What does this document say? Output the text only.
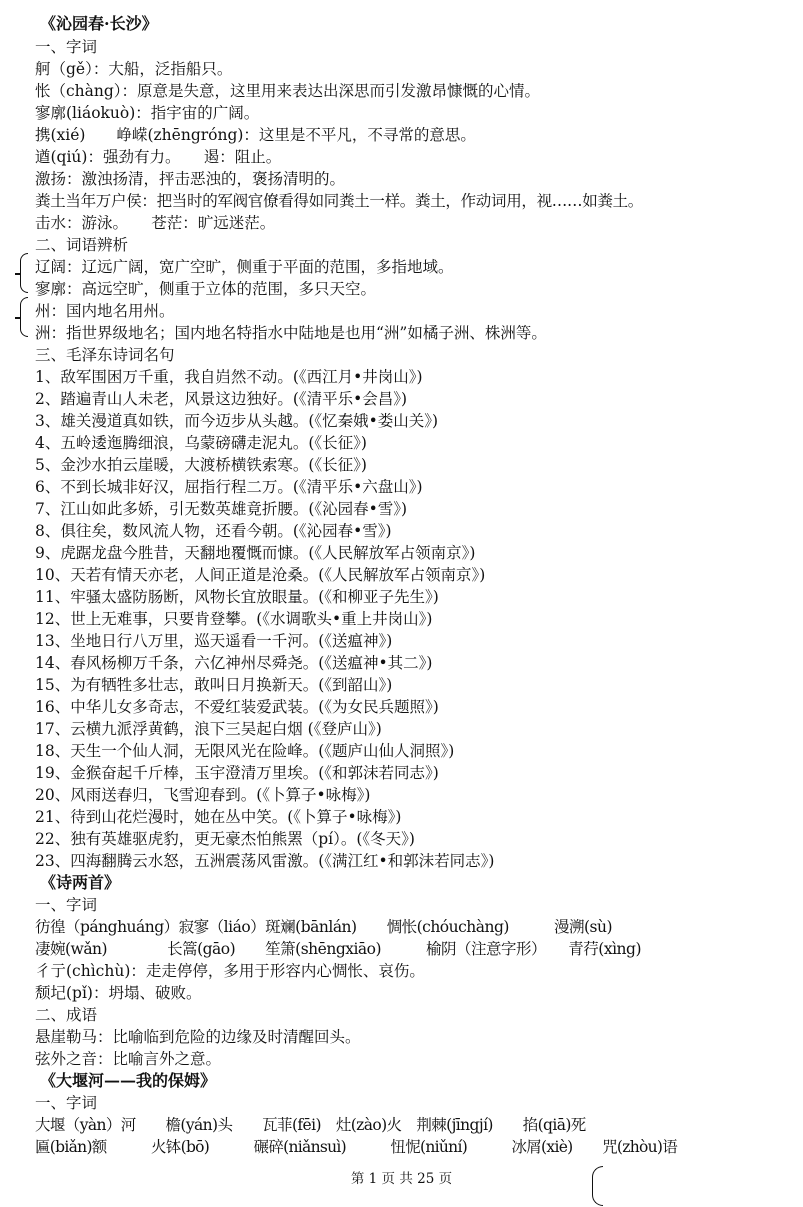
《沁园春·长沙》
一、字词
舸（gě）：大船，泛指船只。
怅（chàng）：原意是失意，这里用来表达出深思而引发激昂慷慨的心情。
寥廓(liáokuò)：指宇宙的广阔。
携(xié)　　峥嵘(zhēngróng)：这里是不平凡，不寻常的意思。
遒(qiú)：强劲有力。　　遏：阻止。
激扬：激浊扬清，抨击恶浊的，褒扬清明的。
粪土当年万户侯：把当时的军阀官僚看得如同粪土一样。粪土，作动词用，视……如粪土。
击水：游泳。　　苍茫：旷远迷茫。
二、词语辨析
辽阔：辽远广阔，宽广空旷，侧重于平面的范围，多指地域。
寥廓：高远空旷，侧重于立体的范围，多只天空。
州：国内地名用州。
洲：指世界级地名；国内地名特指水中陆地是也用“洲”如橘子洲、株洲等。
三、毛泽东诗词名句
1、敌军围困万千重，我自岿然不动。(《西江月•井岗山》)
2、踏遍青山人未老，风景这边独好。(《清平乐•会昌》)
3、雄关漫道真如铁，而今迈步从头越。(《忆秦娥•娄山关》)
4、五岭逶迤腾细浪，乌蒙磅礴走泥丸。(《长征》)
5、金沙水拍云崖暖，大渡桥横铁索寒。(《长征》)
6、不到长城非好汉，屈指行程二万。(《清平乐•六盘山》)
7、江山如此多娇，引无数英雄竟折腰。(《沁园春•雪》)
8、俱往矣，数风流人物，还看今朝。(《沁园春•雪》)
9、虎踞龙盘今胜昔，天翻地覆慨而慷。(《人民解放军占领南京》)
10、天若有情天亦老，人间正道是沧桑。(《人民解放军占领南京》)
11、牢骚太盛防肠断，风物长宜放眼量。(《和柳亚子先生》)
12、世上无难事，只要肯登攀。(《水调歌头•重上井岗山》)
13、坐地日行八万里，巡天遥看一千河。(《送瘟神》)
14、春风杨柳万千条，六亿神州尽舜尧。(《送瘟神•其二》)
15、为有牺牲多壮志，敢叫日月换新天。(《到韶山》)
16、中华儿女多奇志，不爱红装爱武装。(《为女民兵题照》)
17、云横九派浮黄鹤，浪下三吴起白烟 (《登庐山》)
18、天生一个仙人洞，无限风光在险峰。(《题庐山仙人洞照》)
19、金猴奋起千斤棒，玉宇澄清万里埃。(《和郭沫若同志》)
20、风雨送春归，飞雪迎春到。(《卜算子•咏梅》)
21、待到山花烂漫时，她在丛中笑。(《卜算子•咏梅》)
22、独有英雄驱虎豹，更无豪杰怕熊罴（pí）。(《冬天》)
23、四海翻腾云水怒，五洲震荡风雷激。(《满江红•和郭沫若同志》)
《诗两首》
一、字词
彷徨（pánghuáng）寂寥（liáo）斑斓(bānlán)　　惆怅(chóuchàng)　　　漫溯(sù)
凄婉(wǎn)　　　　长篙(gāo)　　笙箫(shēngxiāo)　　　榆阴（注意字形）　　青荇(xìng)
彳亍(chìchù)：走走停停，多用于形容内心惆怅、哀伤。
颓圮(pǐ)：坍塌、破败。
二、成语
悬崖勒马：比喻临到危险的边缘及时清醒回头。
弦外之音：比喻言外之意。
《大堰河——我的保姆》
一、字词
大堰（yàn）河　　檐(yán)头　　瓦菲(fēi)　灶(zào)火　荆棘(jīngjí)　　掐(qiā)死
匾(biǎn)额　　　火钵(bō)　　　碾碎(niǎnsuì)　　　忸怩(niǔní)　　　冰屑(xiè)　　咒(zhòu)语
第 1 页 共 25 页
